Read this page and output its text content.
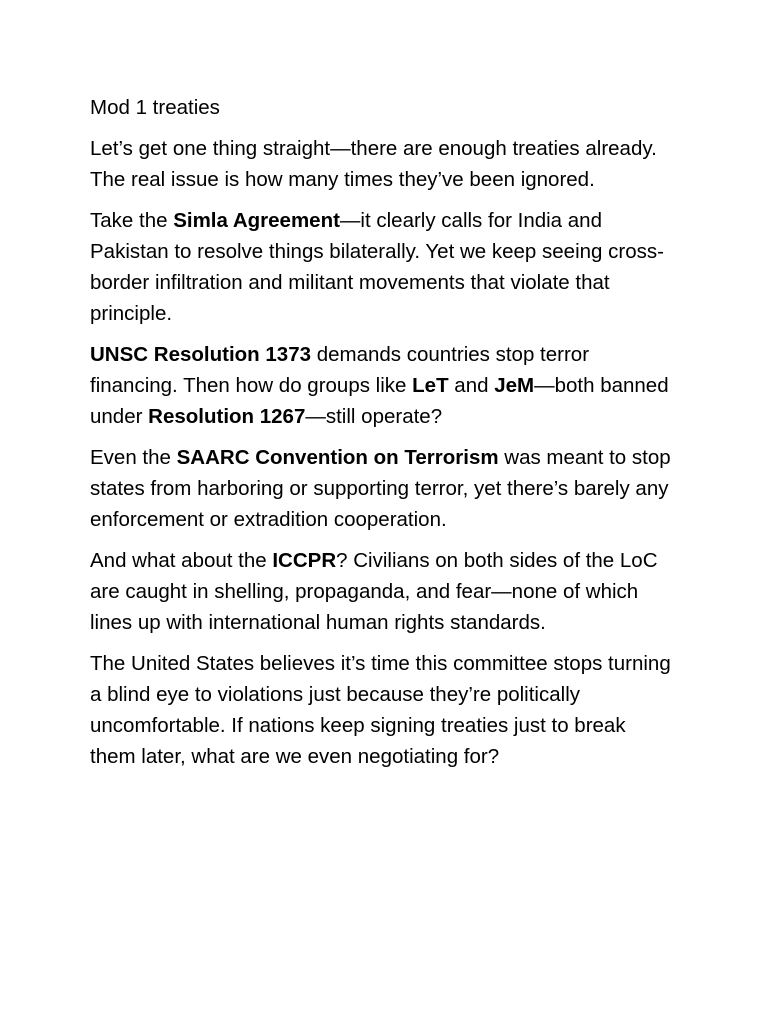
Mod 1 treaties

Let’s get one thing straight—there are enough treaties already. The real issue is how many times they’ve been ignored.

Take the Simla Agreement—it clearly calls for India and Pakistan to resolve things bilaterally. Yet we keep seeing cross-border infiltration and militant movements that violate that principle.

UNSC Resolution 1373 demands countries stop terror financing. Then how do groups like LeT and JeM—both banned under Resolution 1267—still operate?

Even the SAARC Convention on Terrorism was meant to stop states from harboring or supporting terror, yet there’s barely any enforcement or extradition cooperation.

And what about the ICCPR? Civilians on both sides of the LoC are caught in shelling, propaganda, and fear—none of which lines up with international human rights standards.

The United States believes it’s time this committee stops turning a blind eye to violations just because they’re politically uncomfortable. If nations keep signing treaties just to break them later, what are we even negotiating for?
